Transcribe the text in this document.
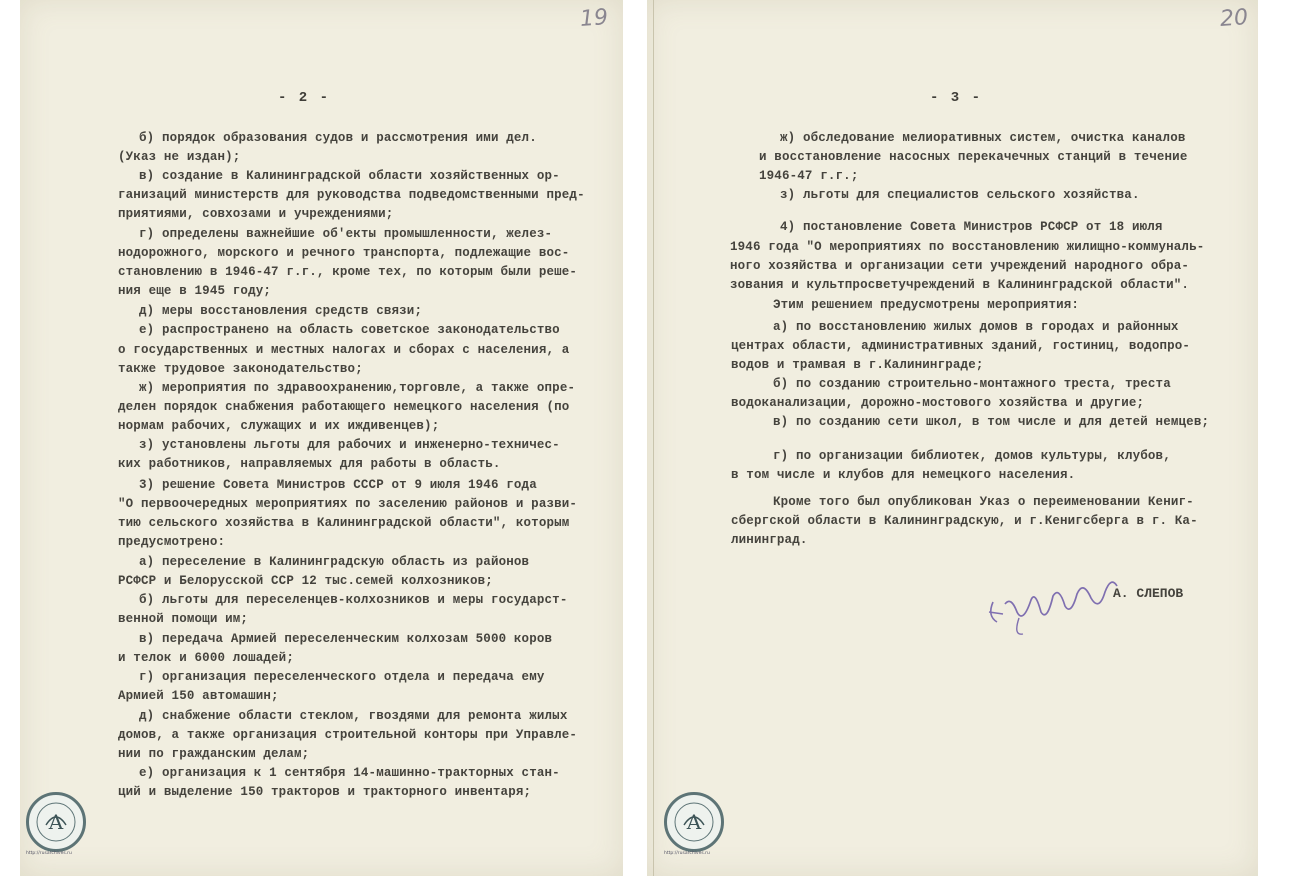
19
- 2 -
б) порядок образования судов и рассмотрения ими дел.
(Указ не издан);
в) создание в Калининградской области хозяйственных ор-
ганизаций министерств для руководства подведомственными пред-
приятиями, совхозами и учреждениями;
г) определены важнейшие об'екты промышленности, желез-
нодорожного, морского и речного транспорта, подлежащие вос-
становлению в 1946-47 г.г., кроме тех, по которым были реше-
ния еще в 1945 году;
д) меры восстановления средств связи;
е) распространено на область советское законодательство
о государственных и местных налогах и сборах с населения, а
также трудовое законодательство;
ж) мероприятия по здравоохранению,торговле, а также опре-
делен порядок снабжения работающего немецкого населения (по
нормам рабочих, служащих и их иждивенцев);
з) установлены льготы для рабочих и инженерно-техничес-
ких работников, направляемых для работы в область.
3) решение Совета Министров СССР от 9 июля 1946 года
"О первоочередных мероприятиях по заселению районов и разви-
тию сельского хозяйства в Калининградской области", которым
предусмотрено:
а) переселение в Калининградскую область из районов
РСФСР и Белорусской ССР 12 тыс.семей колхозников;
б) льготы для переселенцев-колхозников и меры государст-
венной помощи им;
в) передача Армией переселенческим колхозам 5000 коров
и телок и 6000 лошадей;
г) организация переселенческого отдела и передача ему
Армией 150 автомашин;
д) снабжение области стеклом, гвоздями для ремонта жилых
домов, а также организация строительной конторы при Управле-
нии по гражданским делам;
е) организация к 1 сентября 14-машинно-тракторных стан-
ций и выделение 150 тракторов и тракторного инвентаря;
A
http://rusarchives.ru
20
- 3 -
ж) обследование мелиоративных систем, очистка каналов
и восстановление насосных перекачечных станций в течение
1946-47 г.г.;
з) льготы для специалистов сельского хозяйства.
4) постановление Совета Министров РСФСР от 18 июля
1946 года "О мероприятиях по восстановлению жилищно-коммуналь-
ного хозяйства и организации сети учреждений народного обра-
зования и культпросветучреждений в Калининградской области".
Этим решением предусмотрены мероприятия:
а) по восстановлению жилых домов в городах и районных
центрах области, административных зданий, гостиниц, водопро-
водов и трамвая в г.Калининграде;
б) по созданию строительно-монтажного треста, треста
водоканализации, дорожно-мостового хозяйства и другие;
в) по созданию сети школ, в том числе и для детей немцев;
г) по организации библиотек, домов культуры, клубов,
в том числе и клубов для немецкого населения.
Кроме того был опубликован Указ о переименовании Кениг-
сбергской области в Калининградскую, и г.Кенигсберга в г. Ка-
лининград.
А. СЛЕПОВ
A
http://rusarchives.ru
